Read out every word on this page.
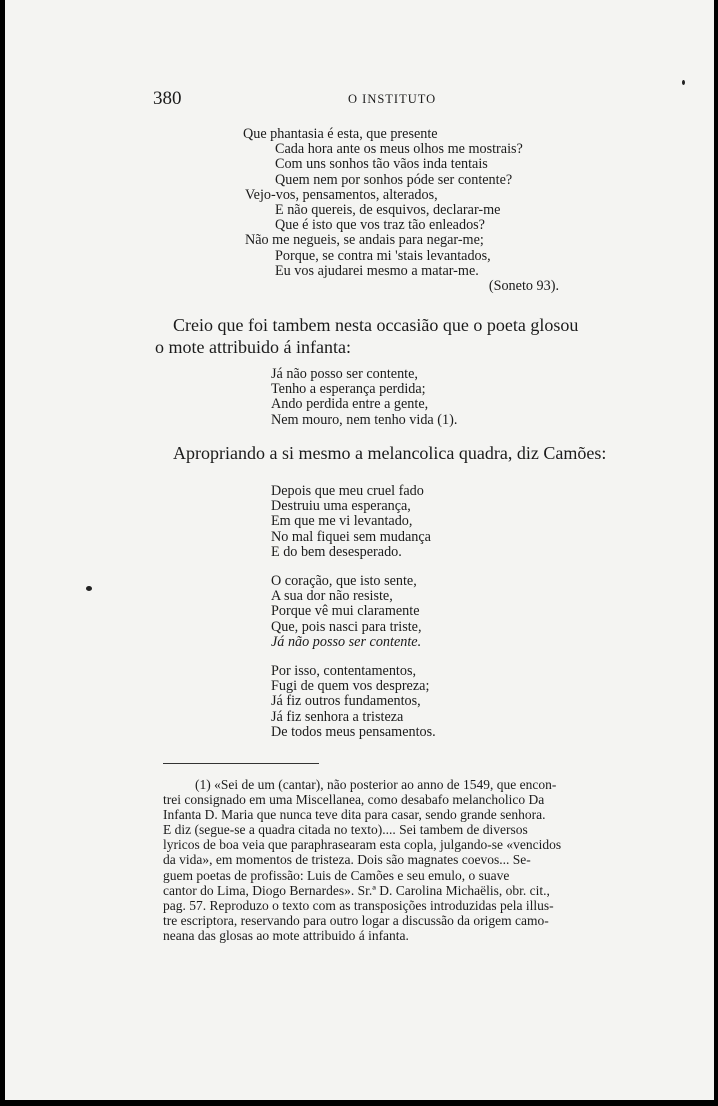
380	O INSTITUTO
Que phantasia é esta, que presente
Cada hora ante os meus olhos me mostrais?
Com uns sonhos tão vãos inda tentais
Quem nem por sonhos póde ser contente?
Vejo-vos, pensamentos, alterados,
E não quereis, de esquivos, declarar-me
Que é isto que vos traz tão enleados?
Não me negueis, se andais para negar-me;
Porque, se contra mi 'stais levantados,
Eu vos ajudarei mesmo a matar-me.
(Soneto 93).
Creio que foi tambem nesta occasião que o poeta glosou
o mote attribuido á infanta:
Já não posso ser contente,
Tenho a esperança perdida;
Ando perdida entre a gente,
Nem mouro, nem tenho vida (1).
Apropriando a si mesmo a melancolica quadra, diz Camões:
Depois que meu cruel fado
Destruiu uma esperança,
Em que me vi levantado,
No mal fiquei sem mudança
E do bem desesperado.
O coração, que isto sente,
A sua dor não resiste,
Porque vê mui claramente
Que, pois nasci para triste,
Já não posso ser contente.
Por isso, contentamentos,
Fugi de quem vos despreza;
Já fiz outros fundamentos,
Já fiz senhora a tristeza
De todos meus pensamentos.
(1) «Sei de um (cantar), não posterior ao anno de 1549, que encon-
trei consignado em uma Miscellanea, como desabafo melancholico Da
Infanta D. Maria que nunca teve dita para casar, sendo grande senhora.
E diz (segue-se a quadra citada no texto).... Sei tambem de diversos
lyricos de boa veia que paraphrasearam esta copla, julgando-se «vencidos
da vida», em momentos de tristeza. Dois são magnates coevos... Se-
guem poetas de profissão: Luis de Camões e seu emulo, o suave
cantor do Lima, Diogo Bernardes». Sr.ª D. Carolina Michaëlis, obr. cit.,
pag. 57. Reproduzo o texto com as transposições introduzidas pela illus-
tre escriptora, reservando para outro logar a discussão da origem camo-
neana das glosas ao mote attribuido á infanta.
